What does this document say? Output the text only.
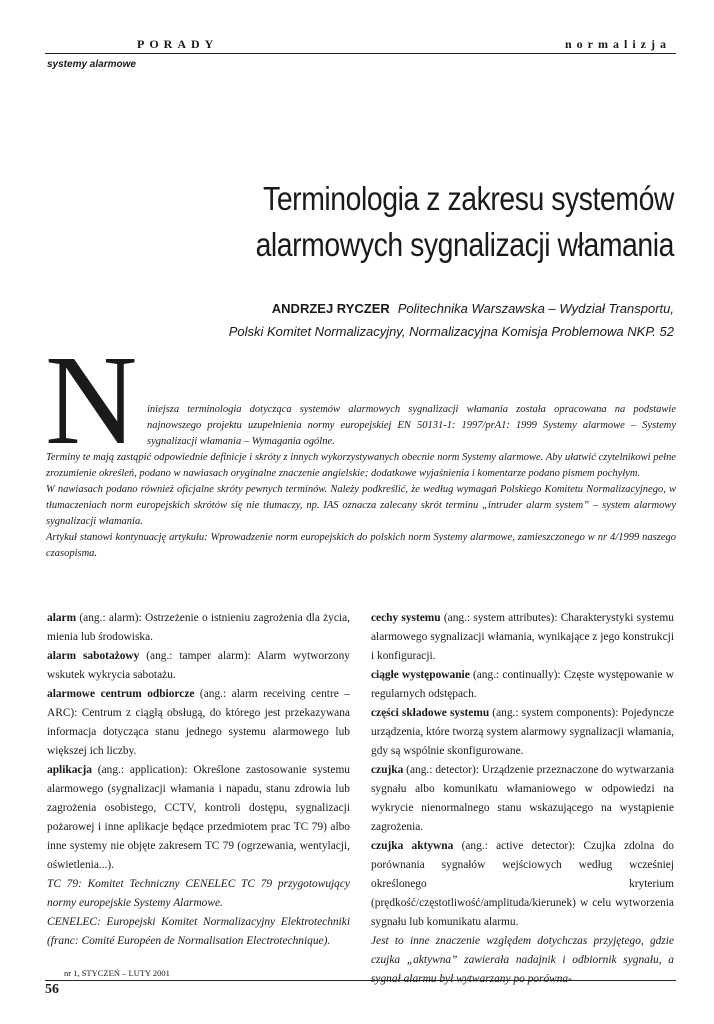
PORADY	normalizja
systemy alarmowe
Terminologia z zakresu systemów
alarmowych sygnalizacji włamania
ANDRZEJ RYCZER Politechnika Warszawska – Wydział Transportu,
Polski Komitet Normalizacyjny, Normalizacyjna Komisja Problemowa NKP. 52
N iniejsza terminologia dotycząca systemów alarmowych sygnalizacji włamania została opracowana na podstawie najnowszego projektu uzupełnienia normy europejskiej EN 50131-1: 1997/prA1: 1999 Systemy alarmowe – Systemy sygnalizacji włamania – Wymagania ogólne.

Terminy te mają zastąpić odpowiednie definicje i skróty z innych wykorzystywanych obecnie norm Systemy alarmowe. Aby ułatwić czytelnikowi pełne zrozumienie określeń, podano w nawiasach oryginalne znaczenie angielskie; dodatkowe wyjaśnienia i komentarze podano pismem pochyłym.

W nawiasach podano również oficjalne skróty pewnych terminów. Należy podkreślić, że według wymagań Polskiego Komitetu Normalizacyjnego, w tłumaczeniach norm europejskich skrótów się nie tłumaczy, np. IAS oznacza zalecany skrót terminu „intruder alarm system” – system alarmowy sygnalizacji włamania.

Artykuł stanowi kontynuację artykułu: Wprowadzenie norm europejskich do polskich norm Systemy alarmowe, zamieszczonego w nr 4/1999 naszego czasopisma.

alarm (ang.: alarm): Ostrzeżenie o istnieniu zagrożenia dla życia, mienia lub środowiska.

alarm sabotażowy (ang.: tamper alarm): Alarm wytworzony wskutek wykrycia sabotażu.

alarmowe centrum odbiorcze (ang.: alarm receiving centre – ARC): Centrum z ciągłą obsługą, do którego jest przekazywana informacja dotycząca stanu jednego systemu alarmowego lub większej ich liczby.

aplikacja (ang.: application): Określone zastosowanie systemu alarmowego (sygnalizacji włamania i napadu, stanu zdrowia lub zagrożenia osobistego, CCTV, kontroli dostępu, sygnalizacji pożarowej i inne aplikacje będące przedmiotem prac TC 79) albo inne systemy nie objęte zakresem TC 79 (ogrzewania, wentylacji, oświetlenia...).

TC 79: Komitet Techniczny CENELEC TC 79 przygotowujący normy europejskie Systemy Alarmowe.

CENELEC: Europejski Komitet Normalizacyjny Elektrotechniki (franc: Comité Européen de Normalisation Electrotechnique).

cechy systemu (ang.: system attributes): Charakterystyki systemu alarmowego sygnalizacji włamania, wynikające z jego konstrukcji i konfiguracji.

ciągłe występowanie (ang.: continually): Częste występowanie w regularnych odstępach.

części składowe systemu (ang.: system components): Pojedyncze urządzenia, które tworzą system alarmowy sygnalizacji włamania, gdy są wspólnie skonfigurowane.

czujka (ang.: detector): Urządzenie przeznaczone do wytwarzania sygnału albo komunikatu włamaniowego w odpowiedzi na wykrycie nienormalnego stanu wskazującego na wystąpienie zagrożenia.

czujka aktywna (ang.: active detector): Czujka zdolna do porównania sygnałów wejściowych według wcześniej określonego kryterium (prędkość/częstotliwość/amplituda/kierunek) w celu wytworzenia sygnału lub komunikatu alarmu.

Jest to inne znaczenie względem dotychczas przyjętego, gdzie czujka „aktywna” zawierała nadajnik i odbiornik sygnału, a sygnał alarmu był wytwarzany po porówna-

nr 1, STYCZEŃ – LUTY 2001
56
